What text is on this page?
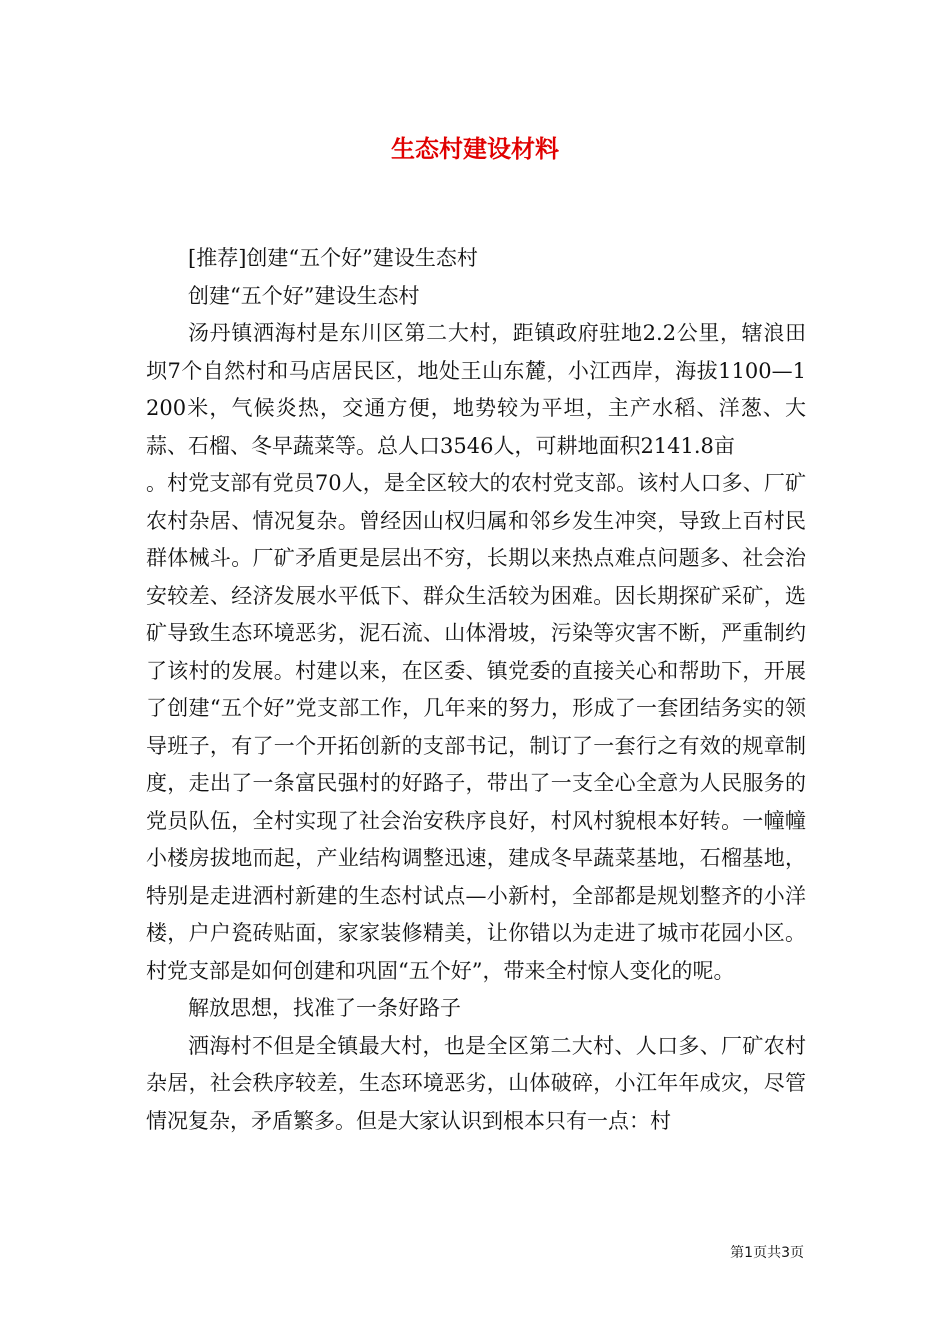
生态村建设材料

[推荐]创建“五个好”建设生态村

创建“五个好”建设生态村

汤丹镇洒海村是东川区第二大村，距镇政府驻地2.2公里，辖浪田坝7个自然村和马店居民区，地处王山东麓，小江西岸，海拔1100—1200米，气候炎热，交通方便，地势较为平坦，主产水稻、洋葱、大蒜、石榴、冬早蔬菜等。总人口3546人，可耕地面积2141.8亩

。村党支部有党员70人，是全区较大的农村党支部。该村人口多、厂矿农村杂居、情况复杂。曾经因山权归属和邻乡发生冲突，导致上百村民群体械斗。厂矿矛盾更是层出不穷，长期以来热点难点问题多、社会治安较差、经济发展水平低下、群众生活较为困难。因长期探矿采矿，选矿导致生态环境恶劣，泥石流、山体滑坡，污染等灾害不断，严重制约了该村的发展。村建以来，在区委、镇党委的直接关心和帮助下，开展了创建“五个好”党支部工作，几年来的努力，形成了一套团结务实的领导班子，有了一个开拓创新的支部书记，制订了一套行之有效的规章制度，走出了一条富民强村的好路子，带出了一支全心全意为人民服务的党员队伍，全村实现了社会治安秩序良好，村风村貌根本好转。一幢幢小楼房拔地而起，产业结构调整迅速，建成冬早蔬菜基地，石榴基地，特别是走进洒村新建的生态村试点—小新村，全部都是规划整齐的小洋楼，户户瓷砖贴面，家家装修精美，让你错以为走进了城市花园小区。村党支部是如何创建和巩固“五个好”，带来全村惊人变化的呢。

解放思想，找准了一条好路子

洒海村不但是全镇最大村，也是全区第二大村、人口多、厂矿农村杂居，社会秩序较差，生态环境恶劣，山体破碎，小江年年成灾，尽管情况复杂，矛盾繁多。但是大家认识到根本只有一点：村

第1页共3页
